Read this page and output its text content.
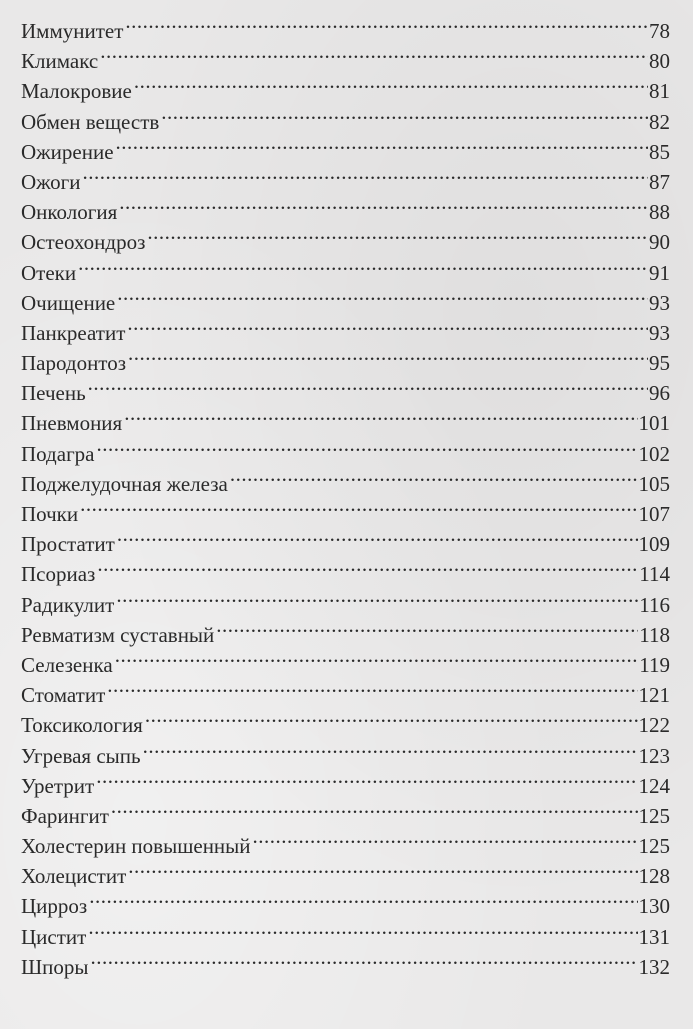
Иммунитет .....	78
Климакс .....	80
Малокровие .....	81
Обмен веществ .....	82
Ожирение .....	85
Ожоги .....	87
Онкология .....	88
Остеохондроз .....	90
Отеки .....	91
Очищение .....	93
Панкреатит .....	93
Пародонтоз .....	95
Печень .....	96
Пневмония .....	101
Подагра .....	102
Поджелудочная железа .....	105
Почки .....	107
Простатит .....	109
Псориаз .....	114
Радикулит .....	116
Ревматизм суставный .....	118
Селезенка .....	119
Стоматит .....	121
Токсикология .....	122
Угревая сыпь .....	123
Уретрит .....	124
Фарингит .....	125
Холестерин повышенный .....	125
Холецистит .....	128
Цирроз .....	130
Цистит .....	131
Шпоры .....	132
